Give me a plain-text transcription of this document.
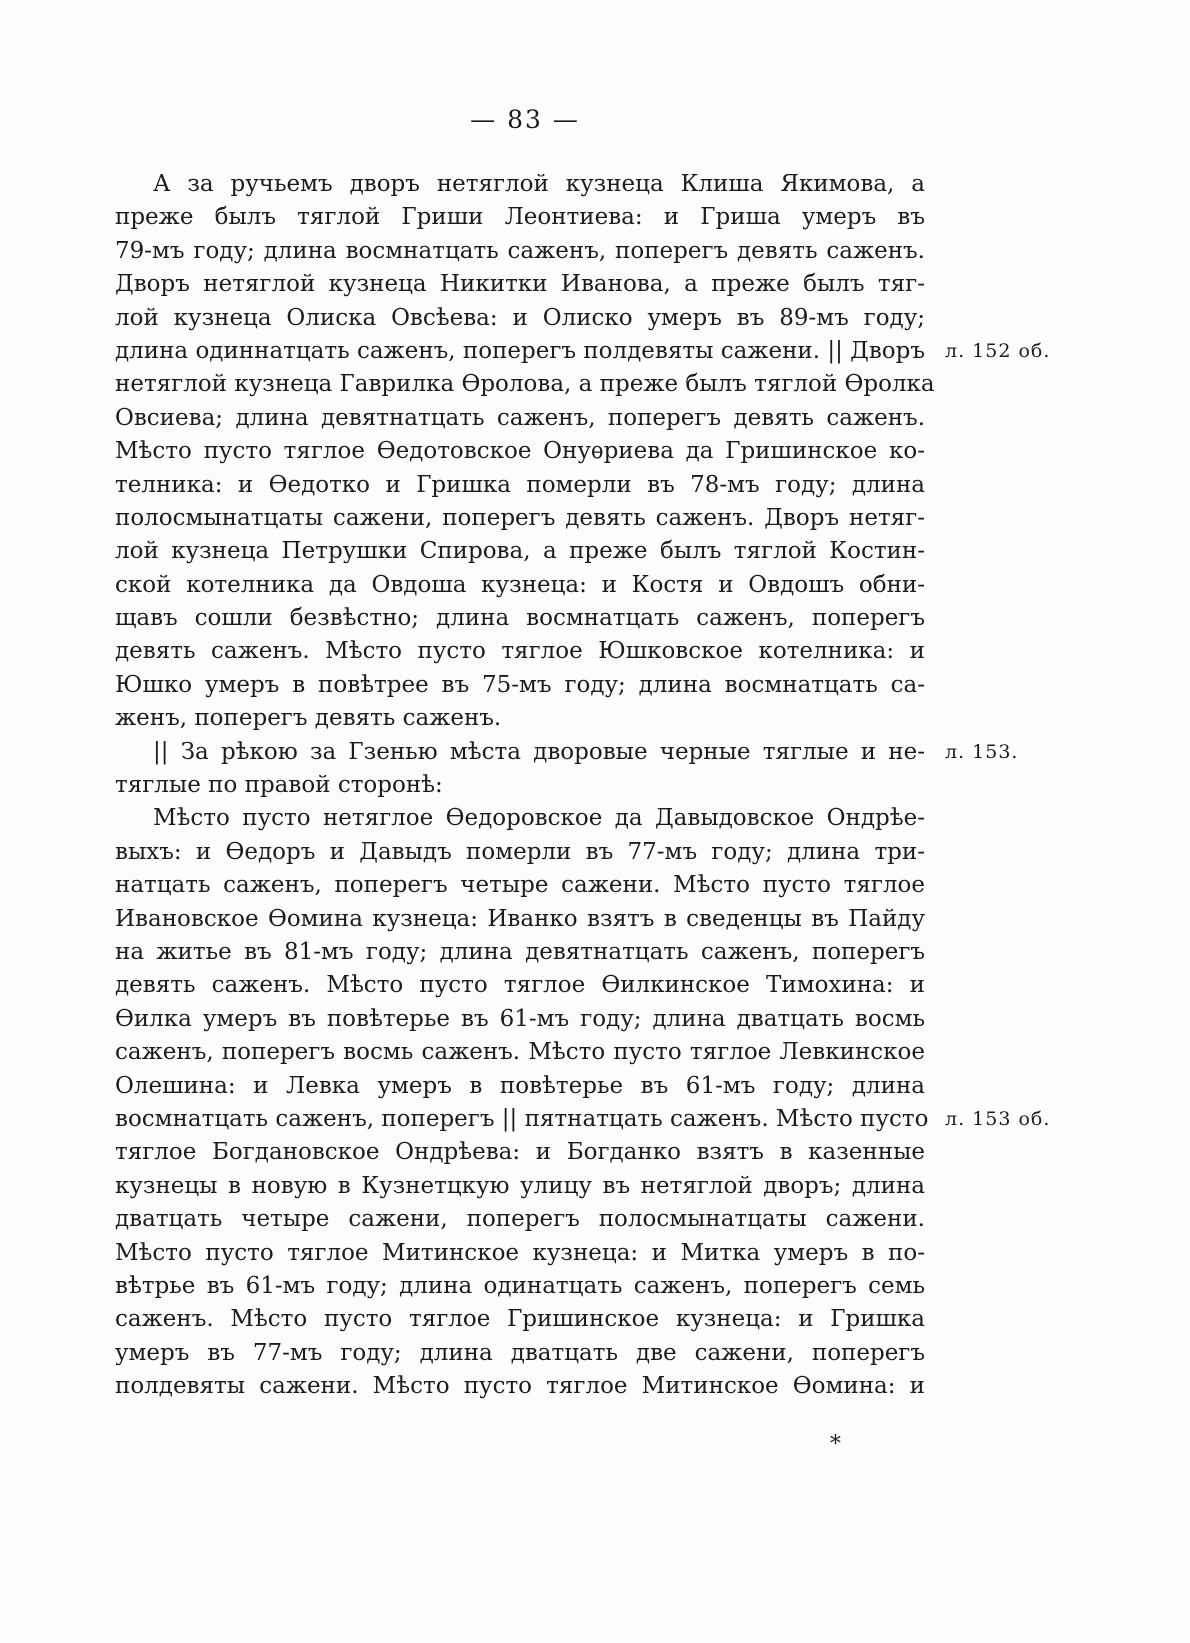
— 83 —
А за ручьемъ дворъ нетяглой кузнеца Клиша Якимова, а
преже былъ тяглой Гриши Леонтиева: и Гриша умеръ въ
79-мъ году; длина восмнатцать саженъ, поперегъ девять саженъ.
Дворъ нетяглой кузнеца Никитки Иванова, а преже былъ тяг-
лой кузнеца Олиска Овсѣева: и Олиско умеръ въ 89-мъ году;
длина одиннатцать саженъ, поперегъ полдевяты сажени. || Дворъ л. 152 об.
нетяглой кузнеца Гаврилка Ѳролова, а преже былъ тяглой Ѳролка
Овсиева; длина девятнатцать саженъ, поперегъ девять саженъ.
Мѣсто пусто тяглое Ѳедотовское Онуѳриева да Гришинское ко-
телника: и Ѳедотко и Гришка померли въ 78-мъ году; длина
полосмынатцаты сажени, поперегъ девять саженъ. Дворъ нетяг-
лой кузнеца Петрушки Спирова, а преже былъ тяглой Костин-
ской котелника да Овдоша кузнеца: и Костя и Овдошъ обни-
щавъ сошли безвѣстно; длина восмнатцать саженъ, поперегъ
девять саженъ. Мѣсто пусто тяглое Юшковское котелника: и
Юшко умеръ в повѣтрее въ 75-мъ году; длина восмнатцать са-
женъ, поперегъ девять саженъ.
|| За рѣкою за Гзенью мѣста дворовые черные тяглые и не- л. 153.
тяглые по правой сторонѣ:
Мѣсто пусто нетяглое Ѳедоровское да Давыдовское Ондрѣе-
выхъ: и Ѳедоръ и Давыдъ померли въ 77-мъ году; длина три-
натцать саженъ, поперегъ четыре сажени. Мѣсто пусто тяглое
Ивановское Ѳомина кузнеца: Иванко взятъ в сведенцы въ Пайду
на житье въ 81-мъ году; длина девятнатцать саженъ, поперегъ
девять саженъ. Мѣсто пусто тяглое Ѳилкинское Тимохина: и
Ѳилка умеръ въ повѣтерье въ 61-мъ году; длина дватцать восмь
саженъ, поперегъ восмь саженъ. Мѣсто пусто тяглое Левкинское
Олешина: и Левка умеръ в повѣтерье въ 61-мъ году; длина
восмнатцать саженъ, поперегъ || пятнатцать саженъ. Мѣсто пусто л. 153 об.
тяглое Богдановское Ондрѣева: и Богданко взятъ в казенные
кузнецы в новую в Кузнетцкую улицу въ нетяглой дворъ; длина
дватцать четыре сажени, поперегъ полосмынатцаты сажени.
Мѣсто пусто тяглое Митинское кузнеца: и Митка умеръ в по-
вѣтрье въ 61-мъ году; длина одинатцать саженъ, поперегъ семь
саженъ. Мѣсто пусто тяглое Гришинское кузнеца: и Гришка
умеръ въ 77-мъ году; длина дватцать две сажени, поперегъ
полдевяты сажени. Мѣсто пусто тяглое Митинское Ѳомина: и
*
